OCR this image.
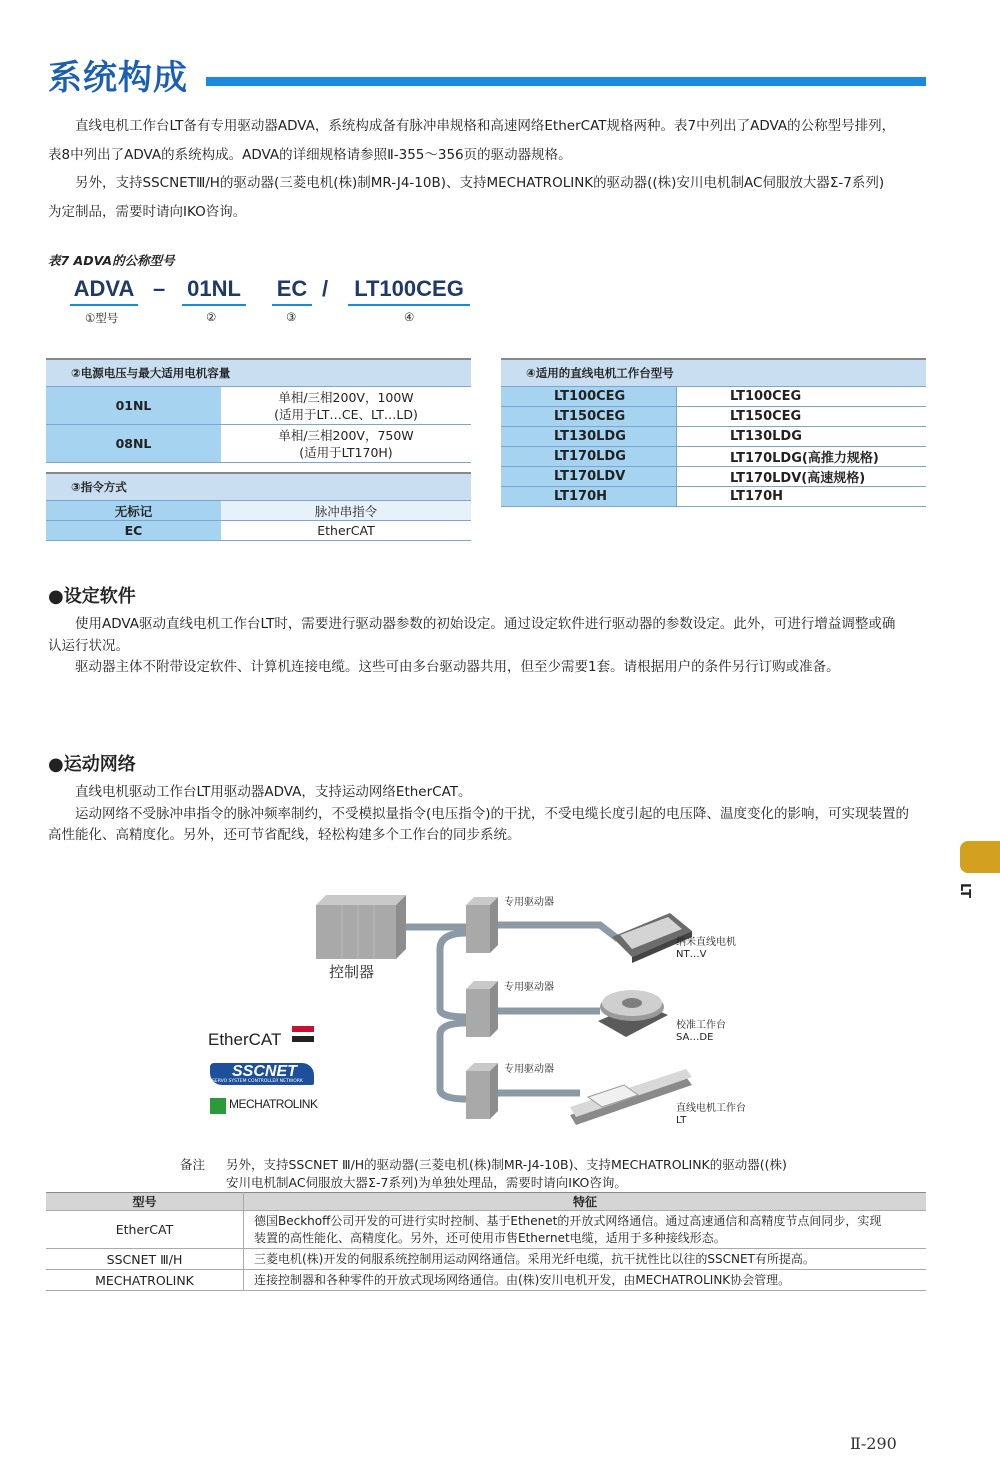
系统构成

直线电机工作台LT备有专用驱动器ADVA，系统构成备有脉冲串规格和高速网络EtherCAT规格两种。表7中列出了ADVA的公称型号排列，

表8中列出了ADVA的系统构成。ADVA的详细规格请参照Ⅱ-355～356页的驱动器规格。

另外，支持SSCNETⅢ/H的驱动器(三菱电机(株)制MR-J4-10B)、支持MECHATROLINK的驱动器((株)安川电机制AC伺服放大器Σ-7系列)

为定制品，需要时请向IKO咨询。

表7 ADVA的公称型号
ADVA – 01NL EC / LT100CEG
①型号	②	③	④
②电源电压与最大适用电机容量	
01NL	单相/三相200V，100W
(适用于LT…CE、LT…LD)

08NL	单相/三相200V，750W
(适用于LT170H)
③指令方式	
无标记	脉冲串指令
EC	EtherCAT
④适用的直线电机工作台型号	
LT100CEG	LT100CEG
LT150CEG	LT150CEG
LT130LDG	LT130LDG
LT170LDG	LT170LDG(高推力规格)
LT170LDV	LT170LDV(高速规格)
LT170H	LT170H
●设定软件

使用ADVA驱动直线电机工作台LT时，需要进行驱动器参数的初始设定。通过设定软件进行驱动器的参数设定。此外，可进行增益调整或确

认运行状况。

驱动器主体不附带设定软件、计算机连接电缆。这些可由多台驱动器共用，但至少需要1套。请根据用户的条件另行订购或准备。

●运动网络

直线电机驱动工作台LT用驱动器ADVA，支持运动网络EtherCAT。

运动网络不受脉冲串指令的脉冲频率制约，不受模拟量指令(电压指令)的干扰，不受电缆长度引起的电压降、温度变化的影响，可实现装置的

高性能化、高精度化。另外，还可节省配线，轻松构建多个工作台的同步系统。

控制器
专用驱动器
专用驱动器
专用驱动器
纳米直线电机
NT…V
校准工作台
SA…DE
直线电机工作台
LT
EtherCAT
SSCNET
SERVO SYSTEM CONTROLLER NETWORK
MECHATROLINK
备注 另外，支持SSCNET Ⅲ/H的驱动器(三菱电机(株)制MR-J4-10B)、支持MECHATROLINK的驱动器((株)
安川电机制AC伺服放大器Σ-7系列)为单独处理品，需要时请向IKO咨询。
型号	特征
EtherCAT	德国Beckhoff公司开发的可进行实时控制、基于Ethenet的开放式网络通信。通过高速通信和高精度节点间同步，实现
装置的高性能化、高精度化。另外，还可使用市售Ethernet电缆，适用于多种接线形态。

SSCNET Ⅲ/H	三菱电机(株)开发的伺服系统控制用运动网络通信。采用光纤电缆，抗干扰性比以往的SSCNET有所提高。
MECHATROLINK	连接控制器和各种零件的开放式现场网络通信。由(株)安川电机开发，由MECHATROLINK协会管理。
LT
Ⅱ-290
